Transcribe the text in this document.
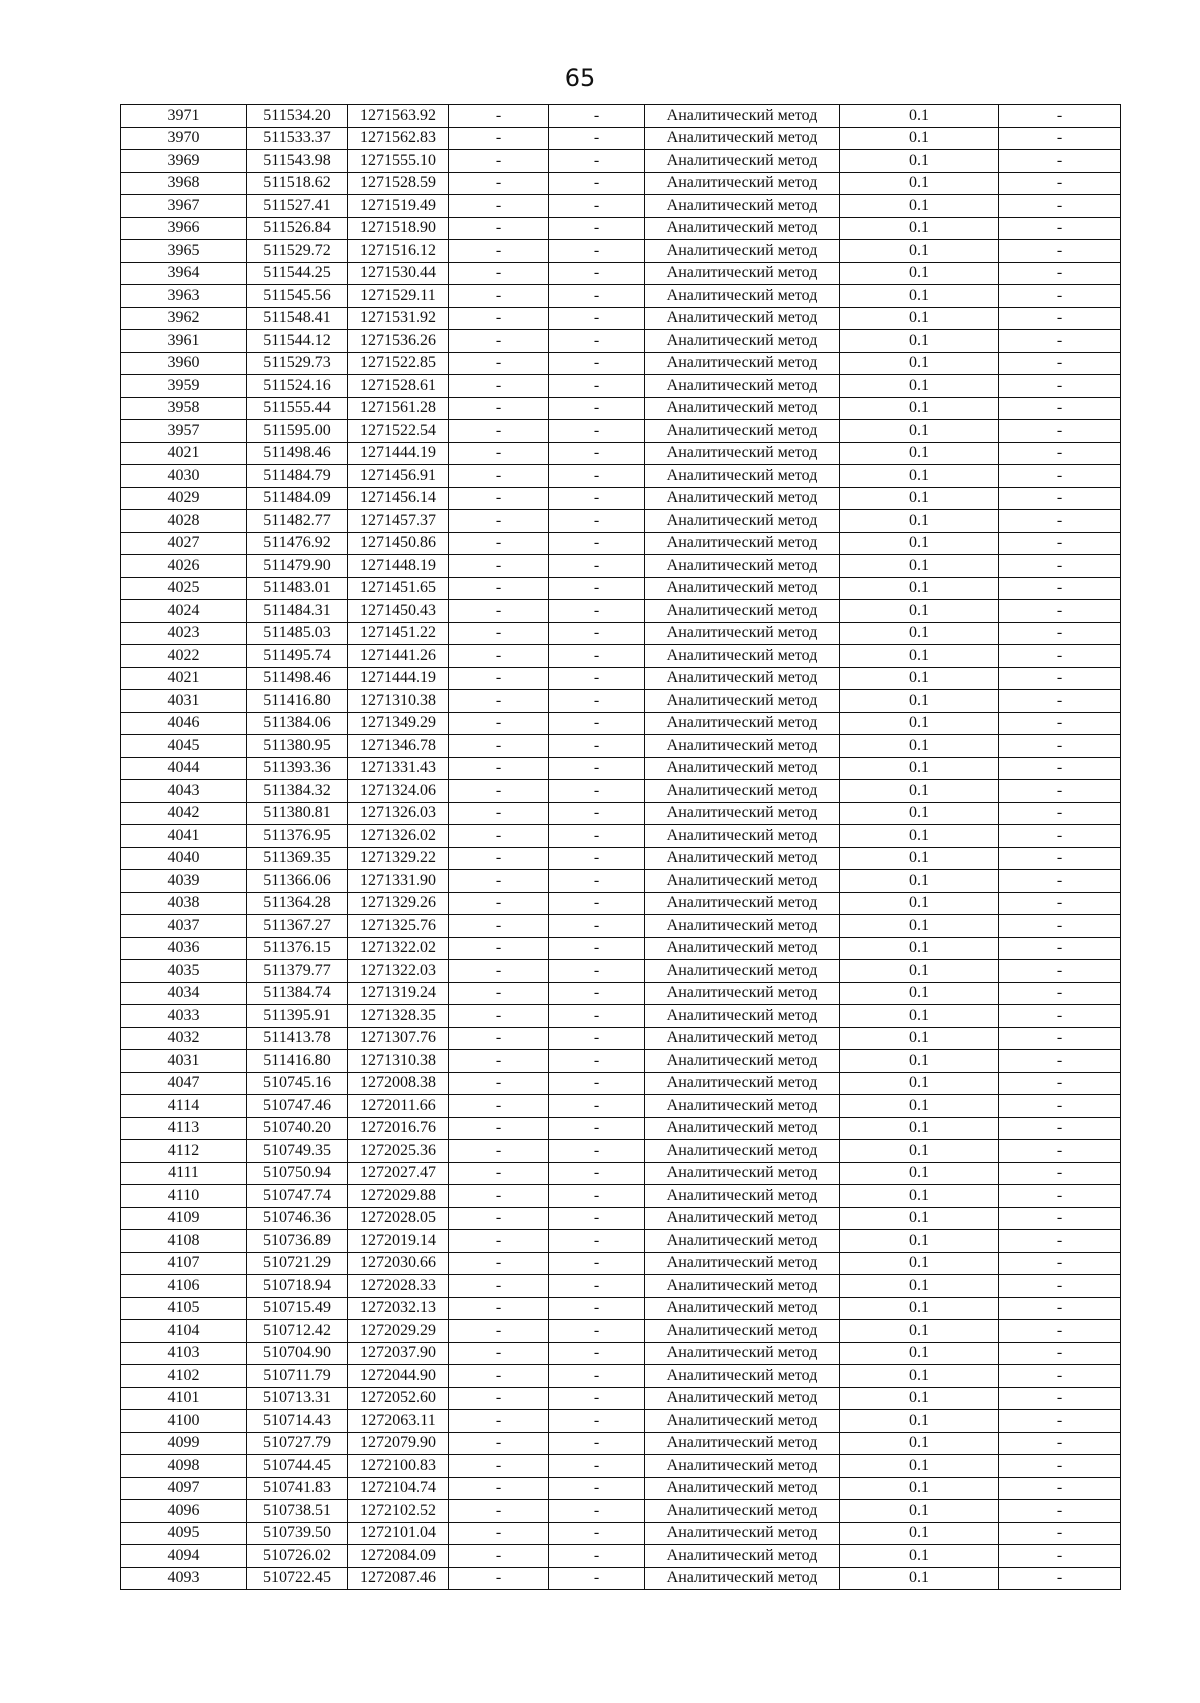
65
3971	511534.20	1271563.92	-	-	Аналитический метод	0.1	-
3970	511533.37	1271562.83	-	-	Аналитический метод	0.1	-
3969	511543.98	1271555.10	-	-	Аналитический метод	0.1	-
3968	511518.62	1271528.59	-	-	Аналитический метод	0.1	-
3967	511527.41	1271519.49	-	-	Аналитический метод	0.1	-
3966	511526.84	1271518.90	-	-	Аналитический метод	0.1	-
3965	511529.72	1271516.12	-	-	Аналитический метод	0.1	-
3964	511544.25	1271530.44	-	-	Аналитический метод	0.1	-
3963	511545.56	1271529.11	-	-	Аналитический метод	0.1	-
3962	511548.41	1271531.92	-	-	Аналитический метод	0.1	-
3961	511544.12	1271536.26	-	-	Аналитический метод	0.1	-
3960	511529.73	1271522.85	-	-	Аналитический метод	0.1	-
3959	511524.16	1271528.61	-	-	Аналитический метод	0.1	-
3958	511555.44	1271561.28	-	-	Аналитический метод	0.1	-
3957	511595.00	1271522.54	-	-	Аналитический метод	0.1	-
4021	511498.46	1271444.19	-	-	Аналитический метод	0.1	-
4030	511484.79	1271456.91	-	-	Аналитический метод	0.1	-
4029	511484.09	1271456.14	-	-	Аналитический метод	0.1	-
4028	511482.77	1271457.37	-	-	Аналитический метод	0.1	-
4027	511476.92	1271450.86	-	-	Аналитический метод	0.1	-
4026	511479.90	1271448.19	-	-	Аналитический метод	0.1	-
4025	511483.01	1271451.65	-	-	Аналитический метод	0.1	-
4024	511484.31	1271450.43	-	-	Аналитический метод	0.1	-
4023	511485.03	1271451.22	-	-	Аналитический метод	0.1	-
4022	511495.74	1271441.26	-	-	Аналитический метод	0.1	-
4021	511498.46	1271444.19	-	-	Аналитический метод	0.1	-
4031	511416.80	1271310.38	-	-	Аналитический метод	0.1	-
4046	511384.06	1271349.29	-	-	Аналитический метод	0.1	-
4045	511380.95	1271346.78	-	-	Аналитический метод	0.1	-
4044	511393.36	1271331.43	-	-	Аналитический метод	0.1	-
4043	511384.32	1271324.06	-	-	Аналитический метод	0.1	-
4042	511380.81	1271326.03	-	-	Аналитический метод	0.1	-
4041	511376.95	1271326.02	-	-	Аналитический метод	0.1	-
4040	511369.35	1271329.22	-	-	Аналитический метод	0.1	-
4039	511366.06	1271331.90	-	-	Аналитический метод	0.1	-
4038	511364.28	1271329.26	-	-	Аналитический метод	0.1	-
4037	511367.27	1271325.76	-	-	Аналитический метод	0.1	-
4036	511376.15	1271322.02	-	-	Аналитический метод	0.1	-
4035	511379.77	1271322.03	-	-	Аналитический метод	0.1	-
4034	511384.74	1271319.24	-	-	Аналитический метод	0.1	-
4033	511395.91	1271328.35	-	-	Аналитический метод	0.1	-
4032	511413.78	1271307.76	-	-	Аналитический метод	0.1	-
4031	511416.80	1271310.38	-	-	Аналитический метод	0.1	-
4047	510745.16	1272008.38	-	-	Аналитический метод	0.1	-
4114	510747.46	1272011.66	-	-	Аналитический метод	0.1	-
4113	510740.20	1272016.76	-	-	Аналитический метод	0.1	-
4112	510749.35	1272025.36	-	-	Аналитический метод	0.1	-
4111	510750.94	1272027.47	-	-	Аналитический метод	0.1	-
4110	510747.74	1272029.88	-	-	Аналитический метод	0.1	-
4109	510746.36	1272028.05	-	-	Аналитический метод	0.1	-
4108	510736.89	1272019.14	-	-	Аналитический метод	0.1	-
4107	510721.29	1272030.66	-	-	Аналитический метод	0.1	-
4106	510718.94	1272028.33	-	-	Аналитический метод	0.1	-
4105	510715.49	1272032.13	-	-	Аналитический метод	0.1	-
4104	510712.42	1272029.29	-	-	Аналитический метод	0.1	-
4103	510704.90	1272037.90	-	-	Аналитический метод	0.1	-
4102	510711.79	1272044.90	-	-	Аналитический метод	0.1	-
4101	510713.31	1272052.60	-	-	Аналитический метод	0.1	-
4100	510714.43	1272063.11	-	-	Аналитический метод	0.1	-
4099	510727.79	1272079.90	-	-	Аналитический метод	0.1	-
4098	510744.45	1272100.83	-	-	Аналитический метод	0.1	-
4097	510741.83	1272104.74	-	-	Аналитический метод	0.1	-
4096	510738.51	1272102.52	-	-	Аналитический метод	0.1	-
4095	510739.50	1272101.04	-	-	Аналитический метод	0.1	-
4094	510726.02	1272084.09	-	-	Аналитический метод	0.1	-
4093	510722.45	1272087.46	-	-	Аналитический метод	0.1	-
